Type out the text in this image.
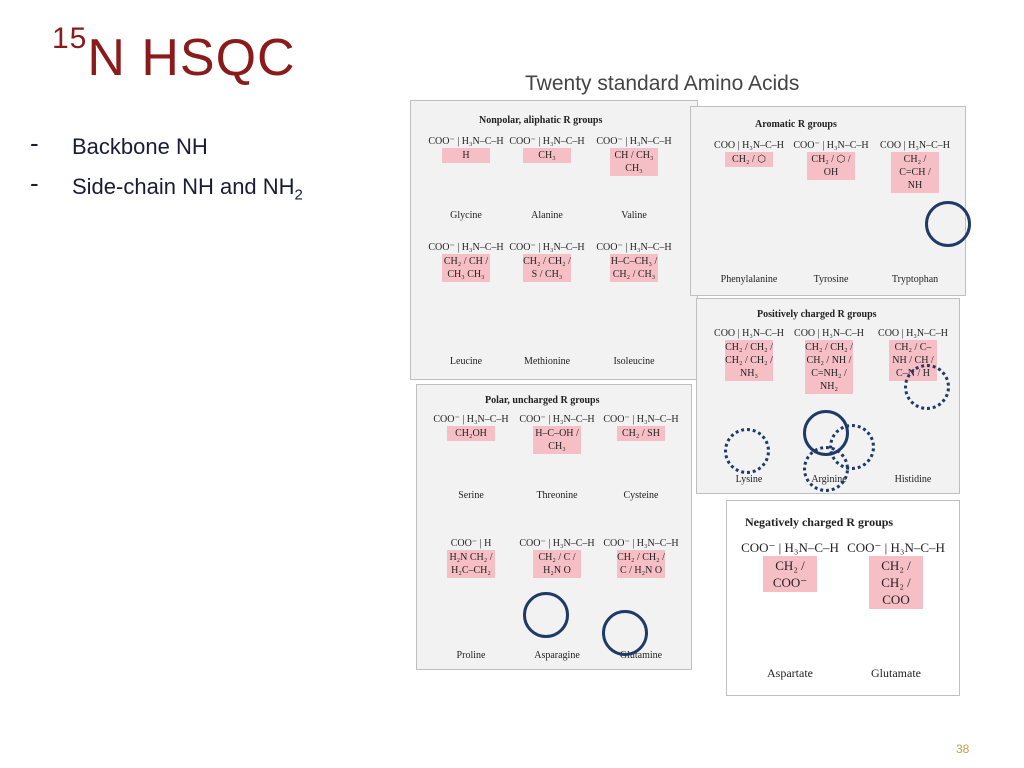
$^{15}$N HSQC
- Backbone NH
- Side-chain NH and $NH_2$
Twenty standard Amino Acids
Nonpolar, aliphatic R groups
COO⁻ | H₃N–C–H
H
Glycine
COO⁻ | H₃N–C–H
CH₃
Alanine
COO⁻ | H₃N–C–H
CH / CH₃ CH₃
Valine
COO⁻ | H₃N–C–H
CH₂ / CH / CH₃ CH₃
Leucine
COO⁻ | H₃N–C–H
CH₂ / CH₂ / S / CH₃
Methionine
COO⁻ | H₃N–C–H
H–C–CH₃ / CH₂ / CH₃
Isoleucine
Aromatic R groups
COO | H₃N–C–H
CH₂ / ⬡
Phenylalanine
COO⁻ | H₃N–C–H
CH₂ / ⬡ / OH
Tyrosine
COO | H₃N–C–H
CH₂ / C=CH / NH
Tryptophan
Positively charged R groups
COO | H₃N–C–H
CH₂ / CH₂ / CH₂ / CH₂ / NH₃
Lysine
COO | H₃N–C–H
CH₂ / CH₂ / CH₂ / NH / C=NH₂ / NH₂
Arginine
COO | H₃N–C–H
CH₂ / C–NH / CH / C–N / H
Histidine
Polar, uncharged R groups
COO⁻ | H₃N–C–H
CH₂OH
Serine
COO⁻ | H₃N–C–H
H–C–OH / CH₃
Threonine
COO⁻ | H₃N–C–H
CH₂ / SH
Cysteine
COO⁻ | H
H₂N CH₂ / H₂C–CH₂
Proline
COO⁻ | H₃N–C–H
CH₂ / C / H₂N O
Asparagine
COO⁻ | H₃N–C–H
CH₂ / CH₂ / C / H₂N O
Glutamine
Negatively charged R groups
COO⁻ | H₃N–C–H
CH₂ / COO⁻
Aspartate
COO⁻ | H₃N–C–H
CH₂ / CH₂ / COO
Glutamate
38
